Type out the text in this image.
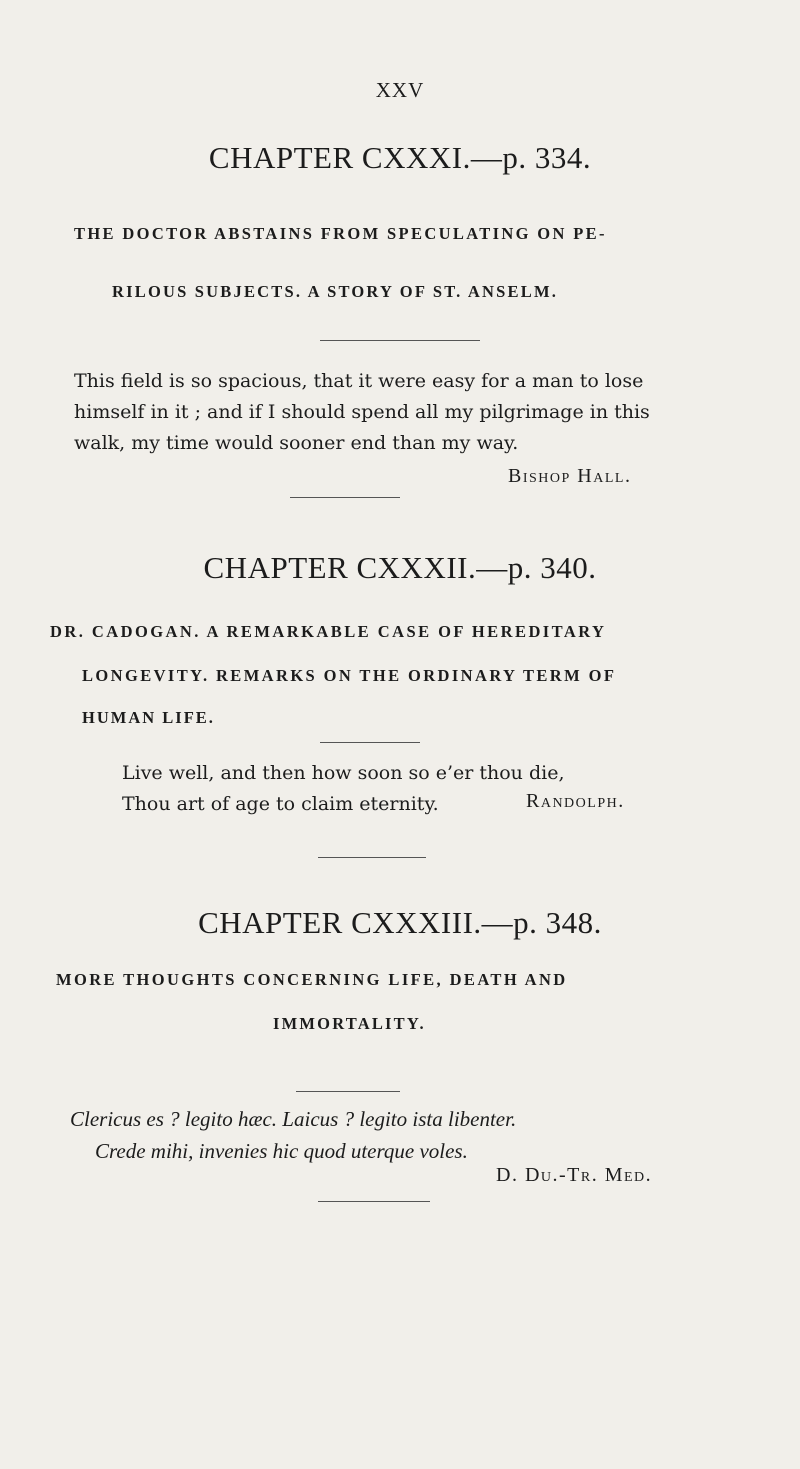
XXV
CHAPTER CXXXI.—p. 334.
THE DOCTOR ABSTAINS FROM SPECULATING ON PE-
RILOUS SUBJECTS. A STORY OF ST. ANSELM.
This field is so spacious, that it were easy for a man to lose
himself in it ; and if I should spend all my pilgrimage in this
walk, my time would sooner end than my way.
Bishop Hall.
CHAPTER CXXXII.—p. 340.
DR. CADOGAN. A REMARKABLE CASE OF HEREDITARY
LONGEVITY. REMARKS ON THE ORDINARY TERM OF
HUMAN LIFE.
Live well, and then how soon so e’er thou die,
Thou art of age to claim eternity.	Randolph.
CHAPTER CXXXIII.—p. 348.
MORE THOUGHTS CONCERNING LIFE, DEATH AND
IMMORTALITY.
Clericus es ? legito hæc. Laicus ? legito ista libenter.
Crede mihi, invenies hic quod uterque voles.
D. Du.-Tr. Med.
